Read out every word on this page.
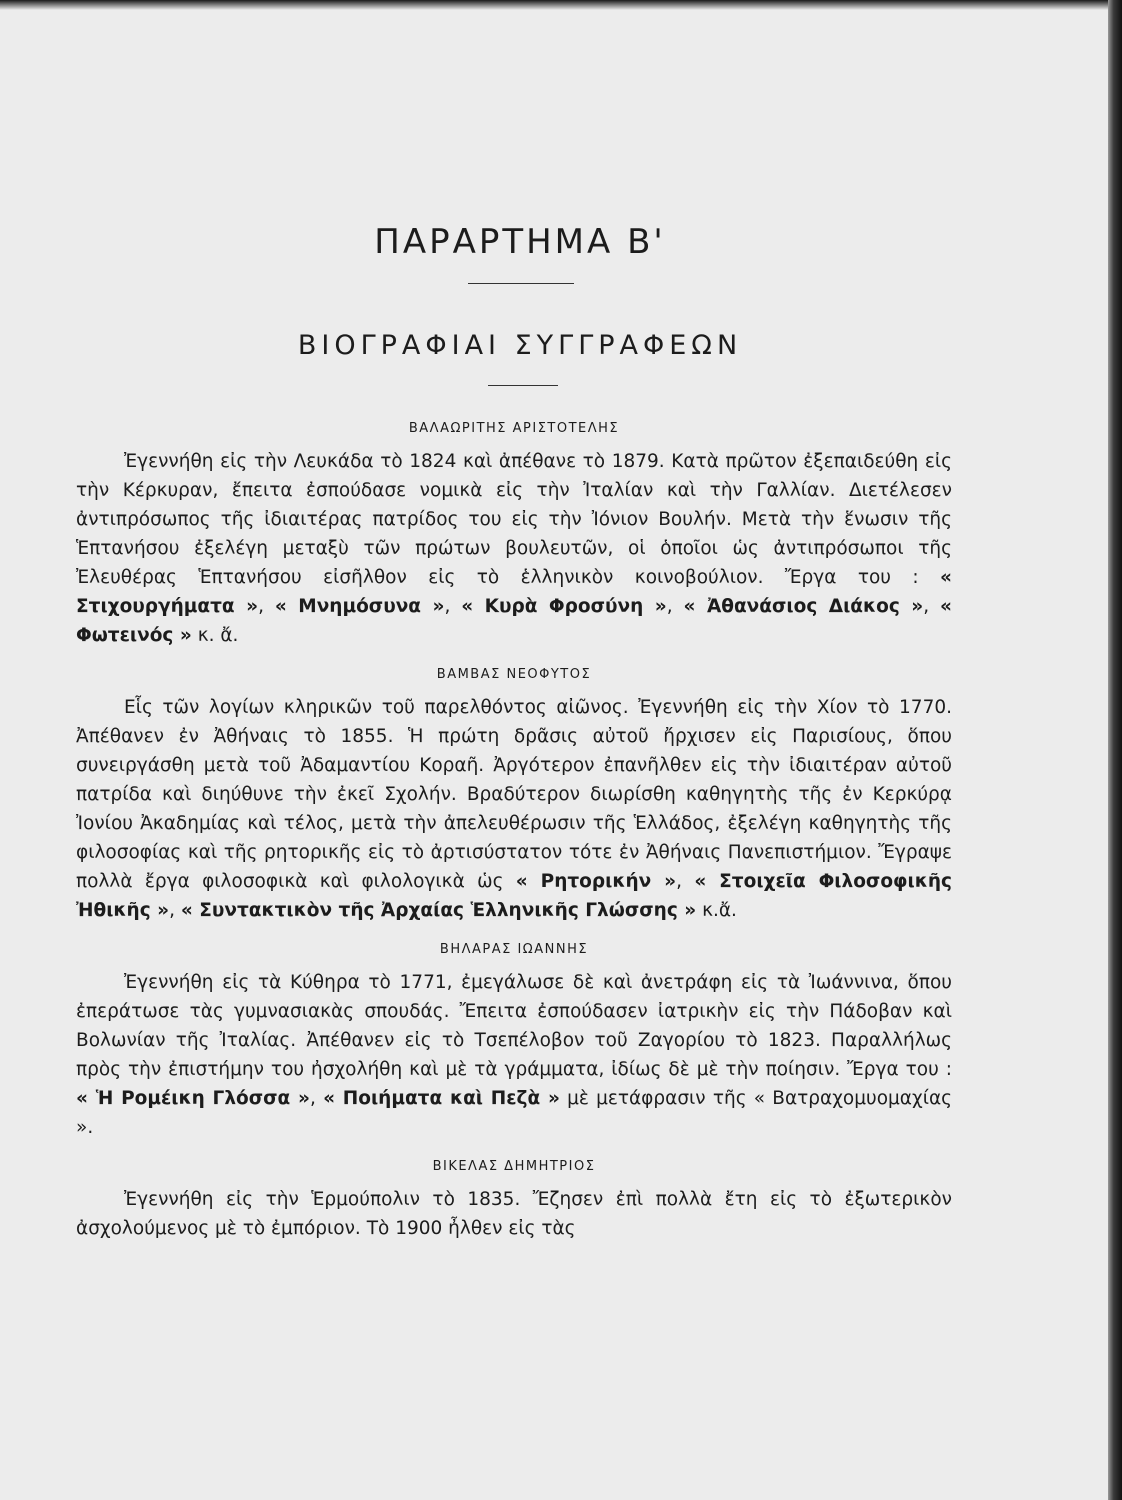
ΠΑΡΑΡΤΗΜΑ Β'
ΒΙΟΓΡΑΦΙΑΙ ΣΥΓΓΡΑΦΕΩΝ

ΒΑΛΑΩΡΙΤΗΣ ΑΡΙΣΤΟΤΕΛΗΣ

Ἐγεννήθη εἰς τὴν Λευκάδα τὸ 1824 καὶ ἀπέθανε τὸ 1879. Κατὰ πρῶτον ἐξεπαιδεύθη εἰς τὴν Κέρκυραν, ἔπειτα ἐσπούδασε νομικὰ εἰς τὴν Ἰταλίαν καὶ τὴν Γαλλίαν. Διετέλεσεν ἀντιπρόσωπος τῆς ἰδιαιτέρας πατρίδος του εἰς τὴν Ἰόνιον Βουλήν. Μετὰ τὴν ἕνωσιν τῆς Ἑπτανήσου ἐξελέγη μεταξὺ τῶν πρώτων βουλευτῶν, οἱ ὁποῖοι ὡς ἀντιπρόσωποι τῆς Ἐλευθέρας Ἑπτανήσου εἰσῆλθον εἰς τὸ ἑλληνικὸν κοινοβούλιον. Ἔργα του : « Στιχουργήματα », « Μνημόσυνα », « Κυρὰ Φροσύνη », « Ἀθανάσιος Διάκος », « Φωτεινός » κ. ἄ.

ΒΑΜΒΑΣ ΝΕΟΦΥΤΟΣ

Εἷς τῶν λογίων κληρικῶν τοῦ παρελθόντος αἰῶνος. Ἐγεννήθη εἰς τὴν Χίον τὸ 1770. Ἀπέθανεν ἐν Ἀθήναις τὸ 1855. Ἡ πρώτη δρᾶσις αὐτοῦ ἤρχισεν εἰς Παρισίους, ὅπου συνειργάσθη μετὰ τοῦ Ἀδαμαντίου Κοραῆ. Ἀργότερον ἐπανῆλθεν εἰς τὴν ἰδιαιτέραν αὐτοῦ πατρίδα καὶ διηύθυνε τὴν ἐκεῖ Σχολήν. Βραδύτερον διωρίσθη καθηγητὴς τῆς ἐν Κερκύρᾳ Ἰονίου Ἀκαδημίας καὶ τέλος, μετὰ τὴν ἀπελευθέρωσιν τῆς Ἑλλάδος, ἐξελέγη καθηγητὴς τῆς φιλοσοφίας καὶ τῆς ρητορικῆς εἰς τὸ ἀρτισύστατον τότε ἐν Ἀθήναις Πανεπιστήμιον. Ἔγραψε πολλὰ ἔργα φιλοσοφικὰ καὶ φιλολογικὰ ὡς « Ρητορικήν », « Στοιχεῖα Φιλοσοφικῆς Ἠθικῆς », « Συντακτικὸν τῆς Ἀρχαίας Ἑλληνικῆς Γλώσσης » κ.ἄ.

ΒΗΛΑΡΑΣ ΙΩΑΝΝΗΣ

Ἐγεννήθη εἰς τὰ Κύθηρα τὸ 1771, ἐμεγάλωσε δὲ καὶ ἀνετράφη εἰς τὰ Ἰωάννινα, ὅπου ἐπεράτωσε τὰς γυμνασιακὰς σπουδάς. Ἔπειτα ἐσπούδασεν ἰατρικὴν εἰς τὴν Πάδοβαν καὶ Βολωνίαν τῆς Ἰταλίας. Ἀπέθανεν εἰς τὸ Τσεπέλοβον τοῦ Ζαγορίου τὸ 1823. Παραλλήλως πρὸς τὴν ἐπιστήμην του ἠσχολήθη καὶ μὲ τὰ γράμματα, ἰδίως δὲ μὲ τὴν ποίησιν. Ἔργα του : « Ἡ Ρομέικη Γλόσσα », « Ποιήματα καὶ Πεζὰ » μὲ μετάφρασιν τῆς « Βατραχομυομαχίας ».

ΒΙΚΕΛΑΣ ΔΗΜΗΤΡΙΟΣ

Ἐγεννήθη εἰς τὴν Ἑρμούπολιν τὸ 1835. Ἔζησεν ἐπὶ πολλὰ ἔτη εἰς τὸ ἐξωτερικὸν ἀσχολούμενος μὲ τὸ ἐμπόριον. Τὸ 1900 ἦλθεν εἰς τὰς
